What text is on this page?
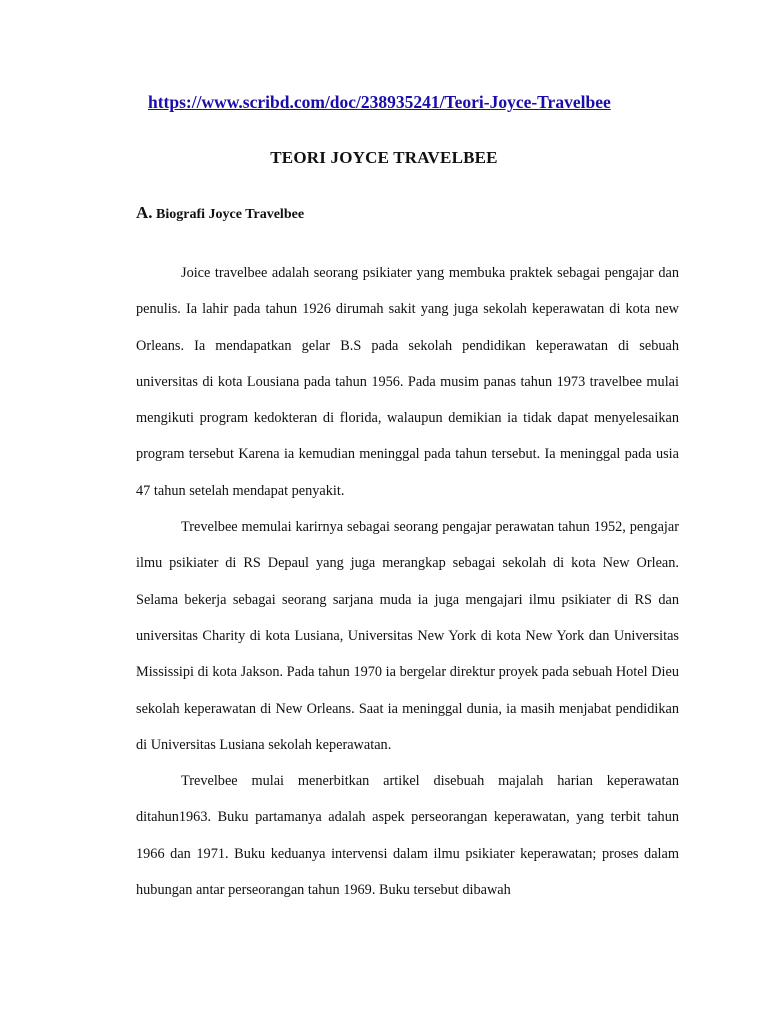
https://www.scribd.com/doc/238935241/Teori-Joyce-Travelbee
TEORI JOYCE TRAVELBEE
A. Biografi Joyce Travelbee

Joice travelbee adalah seorang psikiater yang membuka praktek sebagai pengajar dan penulis. Ia lahir pada tahun 1926 dirumah sakit yang juga sekolah keperawatan di kota new Orleans. Ia mendapatkan gelar B.S pada sekolah pendidikan keperawatan di sebuah universitas di kota Lousiana pada tahun 1956. Pada musim panas tahun 1973 travelbee mulai mengikuti program kedokteran di florida, walaupun demikian ia tidak dapat menyelesaikan program tersebut Karena ia kemudian meninggal pada tahun tersebut. Ia meninggal pada usia 47 tahun setelah mendapat penyakit.

Trevelbee memulai karirnya sebagai seorang pengajar perawatan tahun 1952, pengajar ilmu psikiater di RS Depaul yang juga merangkap sebagai sekolah di kota New Orlean. Selama bekerja sebagai seorang sarjana muda ia juga mengajari ilmu psikiater di RS dan universitas Charity di kota Lusiana, Universitas New York di kota New York dan Universitas Mississipi di kota Jakson. Pada tahun 1970 ia bergelar direktur proyek pada sebuah Hotel Dieu sekolah keperawatan di New Orleans. Saat ia meninggal dunia, ia masih menjabat pendidikan di Universitas Lusiana sekolah keperawatan.

Trevelbee mulai menerbitkan artikel disebuah majalah harian keperawatan ditahun1963. Buku partamanya adalah aspek perseorangan keperawatan, yang terbit tahun 1966 dan 1971. Buku keduanya intervensi dalam ilmu psikiater keperawatan; proses dalam hubungan antar perseorangan tahun 1969. Buku tersebut dibawah
